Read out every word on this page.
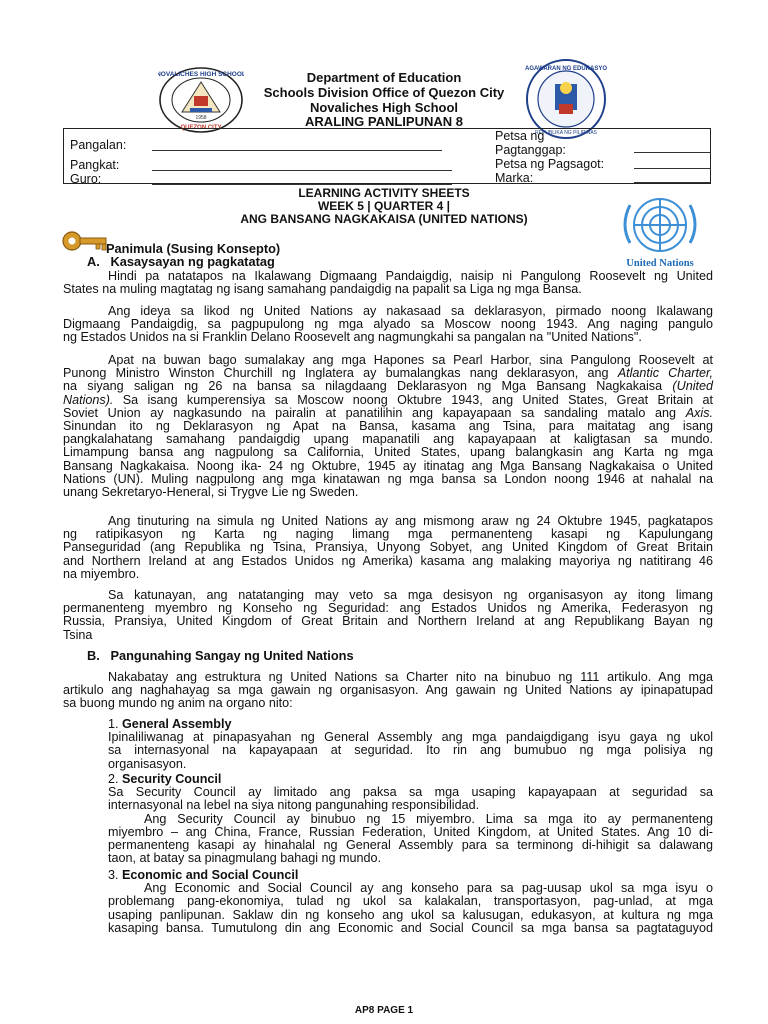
NOVALICHES HIGH SCHOOL
QUEZON CITY
1958
KAGAWARAN NG EDUKASYON
REPUBLIKA NG PILIPINAS
Department of Education
Schools Division Office of Quezon City
Novaliches High School
ARALING PANLIPUNAN 8
Pangalan:
Pangkat:
Guro:
Petsa ng
Pagtanggap:
Petsa ng Pagsagot:
Marka:
LEARNING ACTIVITY SHEETS
WEEK 5 | QUARTER 4 |
ANG BANSANG NAGKAKAISA (UNITED NATIONS)
United Nations
Panimula (Susing Konsepto)
A.   Kasaysayan ng pagkatatag
Hindi pa natatapos na Ikalawang Digmaang Pandaigdig, naisip ni Pangulong Roosevelt ng United
States na muling magtatag ng isang samahang pandaigdig na papalit sa Liga ng mga Bansa.
Ang ideya sa likod ng United Nations ay nakasaad sa deklarasyon, pirmado noong Ikalawang
Digmaang Pandaigdig, sa pagpupulong ng mga alyado sa Moscow noong 1943. Ang naging pangulo
ng Estados Unidos na si Franklin Delano Roosevelt ang nagmungkahi sa pangalan na "United Nations".
Apat na buwan bago sumalakay ang mga Hapones sa Pearl Harbor, sina Pangulong Roosevelt at
Punong Ministro Winston Churchill ng Inglatera ay bumalangkas nang deklarasyon, ang Atlantic Charter,
na siyang saligan ng 26 na bansa sa nilagdaang Deklarasyon ng Mga Bansang Nagkakaisa (United
Nations). Sa isang kumperensiya sa Moscow noong Oktubre 1943, ang United States, Great Britain at
Soviet Union ay nagkasundo na pairalin at panatilihin ang kapayapaan sa sandaling matalo ang Axis.
Sinundan ito ng Deklarasyon ng Apat na Bansa, kasama ang Tsina, para maitatag ang isang
pangkalahatang samahang pandaigdig upang mapanatili ang kapayapaan at kaligtasan sa mundo.
Limampung bansa ang nagpulong sa California, United States, upang balangkasin ang Karta ng mga
Bansang Nagkakaisa. Noong ika- 24 ng Oktubre, 1945 ay itinatag ang Mga Bansang Nagkakaisa o United
Nations (UN). Muling nagpulong ang mga kinatawan ng mga bansa sa London noong 1946 at nahalal na
unang Sekretaryo-Heneral, si Trygve Lie ng Sweden.
Ang tinuturing na simula ng United Nations ay ang mismong araw ng 24 Oktubre 1945, pagkatapos
ng ratipikasyon ng Karta ng naging limang mga permanenteng kasapi ng Kapulungang
Panseguridad (ang Republika ng Tsina, Pransiya, Unyong Sobyet, ang United Kingdom of Great Britain
and Northern Ireland at ang Estados Unidos ng Amerika) kasama ang malaking mayoriya ng natitirang 46
na miyembro.
Sa katunayan, ang natatanging may veto sa mga desisyon ng organisasyon ay itong limang
permanenteng myembro ng Konseho ng Seguridad: ang Estados Unidos ng Amerika, Federasyon ng
Russia, Pransiya, United Kingdom of Great Britain and Northern Ireland at ang Republikang Bayan ng
Tsina
B.   Pangunahing Sangay ng United Nations
Nakabatay ang estruktura ng United Nations sa Charter nito na binubuo ng 111 artikulo. Ang mga
artikulo ang naghahayag sa mga gawain ng organisasyon. Ang gawain ng United Nations ay ipinapatupad
sa buong mundo ng anim na organo nito:
1. General Assembly
Ipinaliliwanag at pinapasyahan ng General Assembly ang mga pandaigdigang isyu gaya ng ukol
sa internasyonal na kapayapaan at seguridad. Ito rin ang bumubuo ng mga polisiya ng
organisasyon.
2. Security Council
Sa Security Council ay limitado ang paksa sa mga usaping kapayapaan at seguridad sa
internasyonal na lebel na siya nitong pangunahing responsibilidad.
Ang Security Council ay binubuo ng 15 miyembro. Lima sa mga ito ay permanenteng
miyembro – ang China, France, Russian Federation, United Kingdom, at United States. Ang 10 di-
permanenteng kasapi ay hinahalal ng General Assembly para sa terminong di-hihigit sa dalawang
taon, at batay sa pinagmulang bahagi ng mundo.
3. Economic and Social Council
Ang Economic and Social Council ay ang konseho para sa pag-uusap ukol sa mga isyu o
problemang pang-ekonomiya, tulad ng ukol sa kalakalan, transportasyon, pag-unlad, at mga
usaping panlipunan. Saklaw din ng konseho ang ukol sa kalusugan, edukasyon, at kultura ng mga
kasaping bansa. Tumutulong din ang Economic and Social Council sa mga bansa sa pagtataguyod
AP8 PAGE 1
